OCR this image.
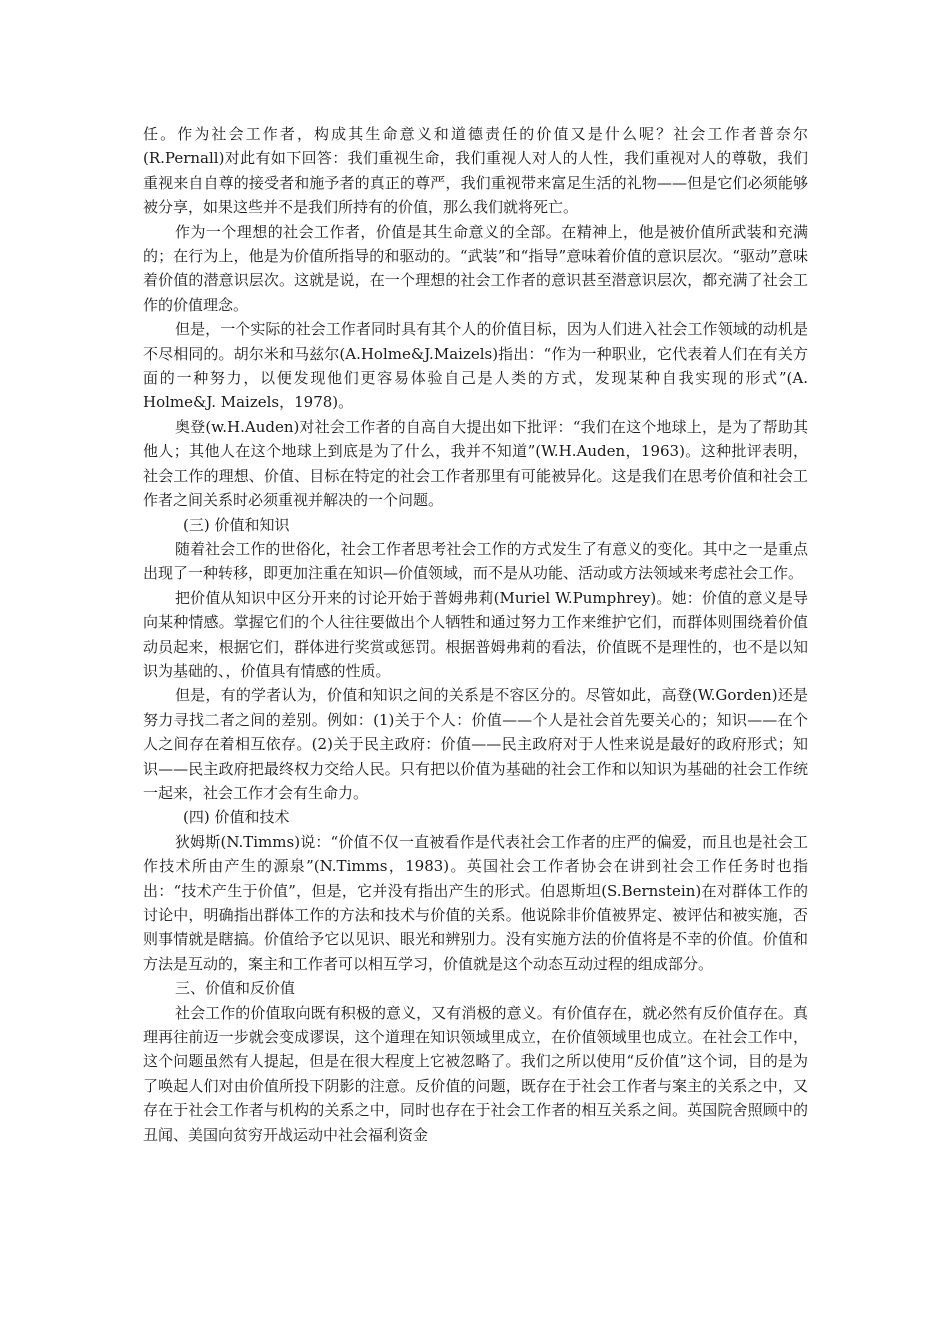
任。作为社会工作者，构成其生命意义和道德责任的价值又是什么呢？社会工作者普奈尔(R.Pernall)对此有如下回答：我们重视生命，我们重视人对人的人性，我们重视对人的尊敬，我们重视来自自尊的接受者和施予者的真正的尊严，我们重视带来富足生活的礼物——但是它们必须能够被分享，如果这些并不是我们所持有的价值，那么我们就将死亡。

作为一个理想的社会工作者，价值是其生命意义的全部。在精神上，他是被价值所武装和充满的；在行为上，他是为价值所指导的和驱动的。“武装”和“指导”意味着价值的意识层次。“驱动”意味着价值的潜意识层次。这就是说，在一个理想的社会工作者的意识甚至潜意识层次，都充满了社会工作的价值理念。

但是，一个实际的社会工作者同时具有其个人的价值目标，因为人们进入社会工作领域的动机是不尽相同的。胡尔米和马兹尔(A.Holme&J.Maizels)指出：“作为一种职业，它代表着人们在有关方面的一种努力，以便发现他们更容易体验自己是人类的方式，发现某种自我实现的形式”(A. Holme&J. Maizels，1978)。

奥登(w.H.Auden)对社会工作者的自高自大提出如下批评：“我们在这个地球上，是为了帮助其他人；其他人在这个地球上到底是为了什么，我并不知道”(W.H.Auden，1963)。这种批评表明，社会工作的理想、价值、目标在特定的社会工作者那里有可能被异化。这是我们在思考价值和社会工作者之间关系时必须重视并解决的一个问题。

(三) 价值和知识

随着社会工作的世俗化，社会工作者思考社会工作的方式发生了有意义的变化。其中之一是重点出现了一种转移，即更加注重在知识—价值领域，而不是从功能、活动或方法领域来考虑社会工作。

把价值从知识中区分开来的讨论开始于普姆弗莉(Muriel W.Pumphrey)。她：价值的意义是导向某种情感。掌握它们的个人往往要做出个人牺牲和通过努力工作来维护它们，而群体则围绕着价值动员起来，根据它们，群体进行奖赏或惩罚。根据普姆弗莉的看法，价值既不是理性的，也不是以知识为基础的、，价值具有情感的性质。

但是，有的学者认为，价值和知识之间的关系是不容区分的。尽管如此，高登(W.Gorden)还是努力寻找二者之间的差别。例如：(1)关于个人：价值——个人是社会首先要关心的；知识——在个人之间存在着相互依存。(2)关于民主政府：价值——民主政府对于人性来说是最好的政府形式；知识——民主政府把最终权力交给人民。只有把以价值为基础的社会工作和以知识为基础的社会工作统一起来，社会工作才会有生命力。

(四) 价值和技术

狄姆斯(N.Timms)说：“价值不仅一直被看作是代表社会工作者的庄严的偏爱，而且也是社会工作技术所由产生的源泉”(N.Timms，1983)。英国社会工作者协会在讲到社会工作任务时也指出：“技术产生于价值”，但是，它并没有指出产生的形式。伯恩斯坦(S.Bernstein)在对群体工作的讨论中，明确指出群体工作的方法和技术与价值的关系。他说除非价值被界定、被评估和被实施，否则事情就是瞎搞。价值给予它以见识、眼光和辨别力。没有实施方法的价值将是不幸的价值。价值和方法是互动的，案主和工作者可以相互学习，价值就是这个动态互动过程的组成部分。

三、价值和反价值

社会工作的价值取向既有积极的意义，又有消极的意义。有价值存在，就必然有反价值存在。真理再往前迈一步就会变成谬误，这个道理在知识领域里成立，在价值领域里也成立。在社会工作中，这个问题虽然有人提起，但是在很大程度上它被忽略了。我们之所以使用“反价值”这个词，目的是为了唤起人们对由价值所投下阴影的注意。反价值的问题，既存在于社会工作者与案主的关系之中，又存在于社会工作者与机构的关系之中，同时也存在于社会工作者的相互关系之间。英国院舍照顾中的丑闻、美国向贫穷开战运动中社会福利资金
